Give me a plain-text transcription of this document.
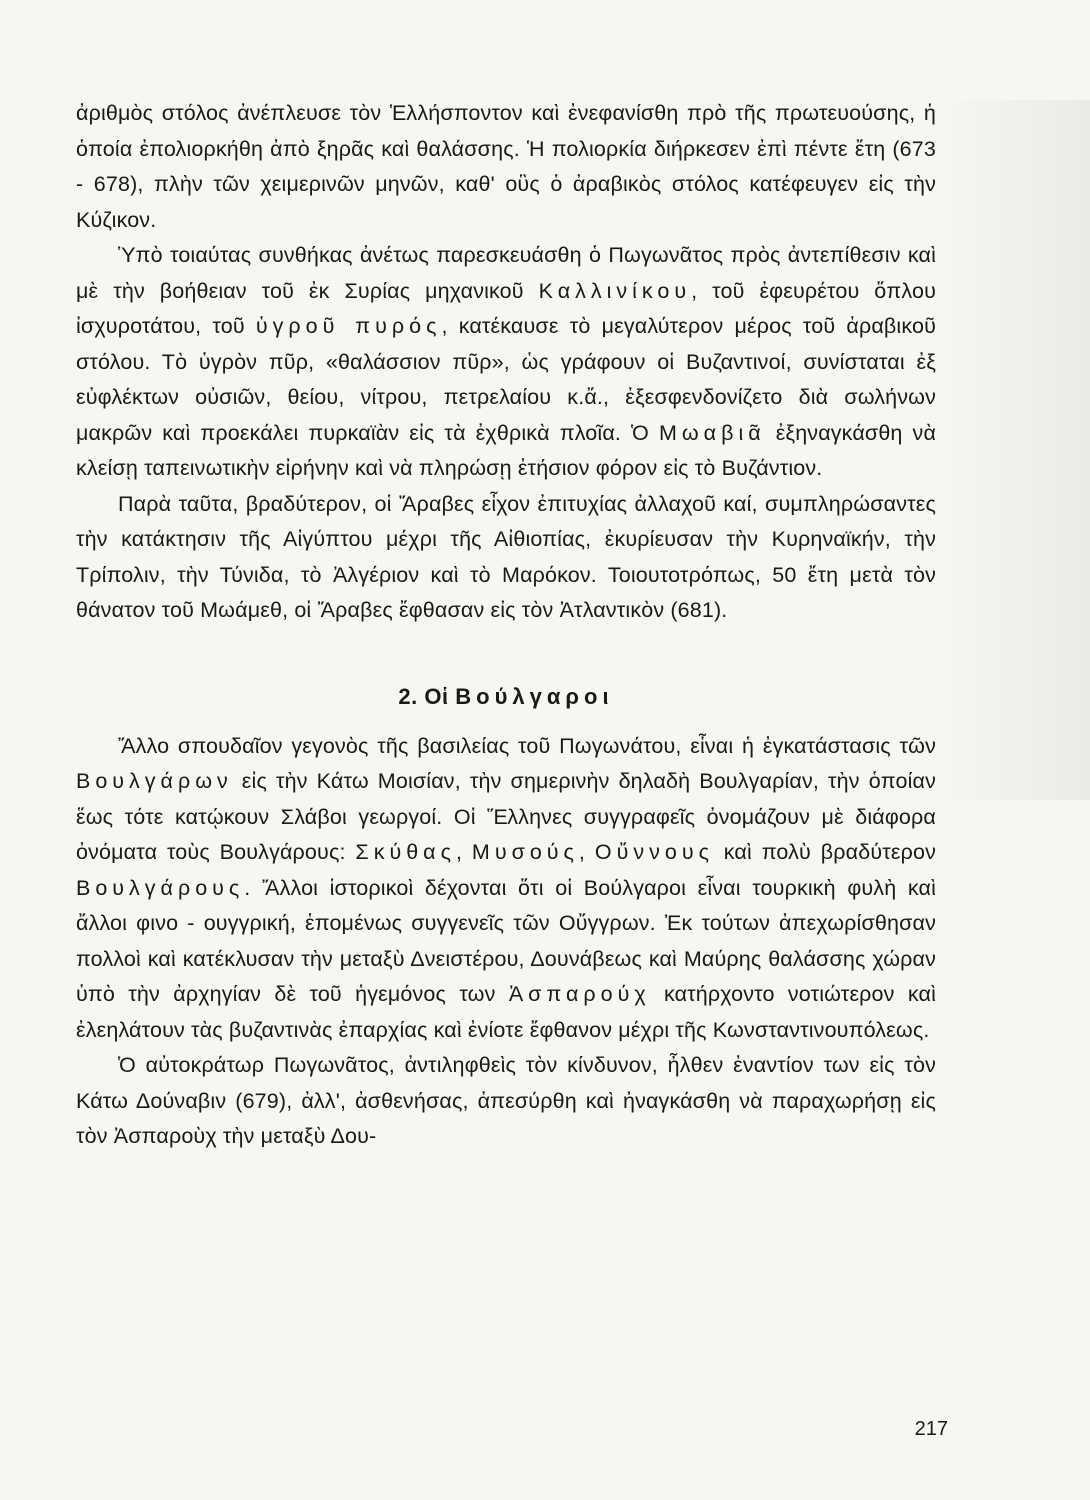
ἀριθμὸς στόλος ἀνέπλευσε τὸν Ἑλλήσποντον καὶ ἐνεφανίσθη πρὸ τῆς πρωτευούσης, ἡ ὁποία ἐπολιορκήθη ἀπὸ ξηρᾶς καὶ θαλάσσης. Ἡ πολιορκία διήρκεσεν ἐπὶ πέντε ἔτη (673 - 678), πλὴν τῶν χειμερινῶν μηνῶν, καθ' οὓς ὁ ἀραβικὸς στόλος κατέφευγεν εἰς τὴν Κύζικον.

Ὑπὸ τοιαύτας συνθήκας ἀνέτως παρεσκευάσθη ὁ Πωγωνᾶτος πρὸς ἀντεπίθεσιν καὶ μὲ τὴν βοήθειαν τοῦ ἐκ Συρίας μηχανικοῦ Καλλινίκου, τοῦ ἐφευρέτου ὅπλου ἰσχυροτάτου, τοῦ ὑγροῦ πυρός, κατέκαυσε τὸ μεγαλύτερον μέρος τοῦ ἀραβικοῦ στόλου. Τὸ ὑγρὸν πῦρ, «θαλάσσιον πῦρ», ὡς γράφουν οἱ Βυζαντινοί, συνίσταται ἐξ εὐφλέκτων οὐσιῶν, θείου, νίτρου, πετρελαίου κ.ἄ., ἐξεσφενδονίζετο διὰ σωλήνων μακρῶν καὶ προεκάλει πυρκαϊὰν εἰς τὰ ἐχθρικὰ πλοῖα. Ὁ Μωαβιᾶ ἐξηναγκάσθη νὰ κλείσῃ ταπεινωτικὴν εἰρήνην καὶ νὰ πληρώσῃ ἐτήσιον φόρον εἰς τὸ Βυζάντιον.

Παρὰ ταῦτα, βραδύτερον, οἱ Ἄραβες εἶχον ἐπιτυχίας ἀλλαχοῦ καί, συμπληρώσαντες τὴν κατάκτησιν τῆς Αἰγύπτου μέχρι τῆς Αἰθιοπίας, ἐκυρίευσαν τὴν Κυρηναϊκήν, τὴν Τρίπολιν, τὴν Τύνιδα, τὸ Ἀλγέριον καὶ τὸ Μαρόκον. Τοιουτοτρόπως, 50 ἔτη μετὰ τὸν θάνατον τοῦ Μωάμεθ, οἱ Ἄραβες ἔφθασαν εἰς τὸν Ἀτλαντικὸν (681).

2. Οἱ Βούλγαροι

Ἄλλο σπουδαῖον γεγονὸς τῆς βασιλείας τοῦ Πωγωνάτου, εἶναι ἡ ἐγκατάστασις τῶν Βουλγάρων εἰς τὴν Κάτω Μοισίαν, τὴν σημερινὴν δηλαδὴ Βουλγαρίαν, τὴν ὁποίαν ἕως τότε κατῴκουν Σλάβοι γεωργοί. Οἱ Ἕλληνες συγγραφεῖς ὀνομάζουν μὲ διάφορα ὀνόματα τοὺς Βουλγάρους: Σκύθας, Μυσούς, Οὔννους καὶ πολὺ βραδύτερον Βουλγάρους. Ἄλλοι ἱστορικοὶ δέχονται ὅτι οἱ Βούλγαροι εἶναι τουρκικὴ φυλὴ καὶ ἄλλοι φινο - ουγγρική, ἑπομένως συγγενεῖς τῶν Οὔγγρων. Ἐκ τούτων ἀπεχωρίσθησαν πολλοὶ καὶ κατέκλυσαν τὴν μεταξὺ Δνειστέρου, Δουνάβεως καὶ Μαύρης θαλάσσης χώραν ὑπὸ τὴν ἀρχηγίαν δὲ τοῦ ἡγεμόνος των Ἀσπαρούχ κατήρχοντο νοτιώτερον καὶ ἐλεηλάτουν τὰς βυζαντινὰς ἐπαρχίας καὶ ἐνίοτε ἔφθανον μέχρι τῆς Κωνσταντινουπόλεως.

Ὁ αὐτοκράτωρ Πωγωνᾶτος, ἀντιληφθεὶς τὸν κίνδυνον, ἦλθεν ἐναντίον των εἰς τὸν Κάτω Δούναβιν (679), ἀλλ', ἀσθενήσας, ἀπεσύρθη καὶ ἠναγκάσθη νὰ παραχωρήσῃ εἰς τὸν Ἀσπαροὺχ τὴν μεταξὺ Δου-

217
